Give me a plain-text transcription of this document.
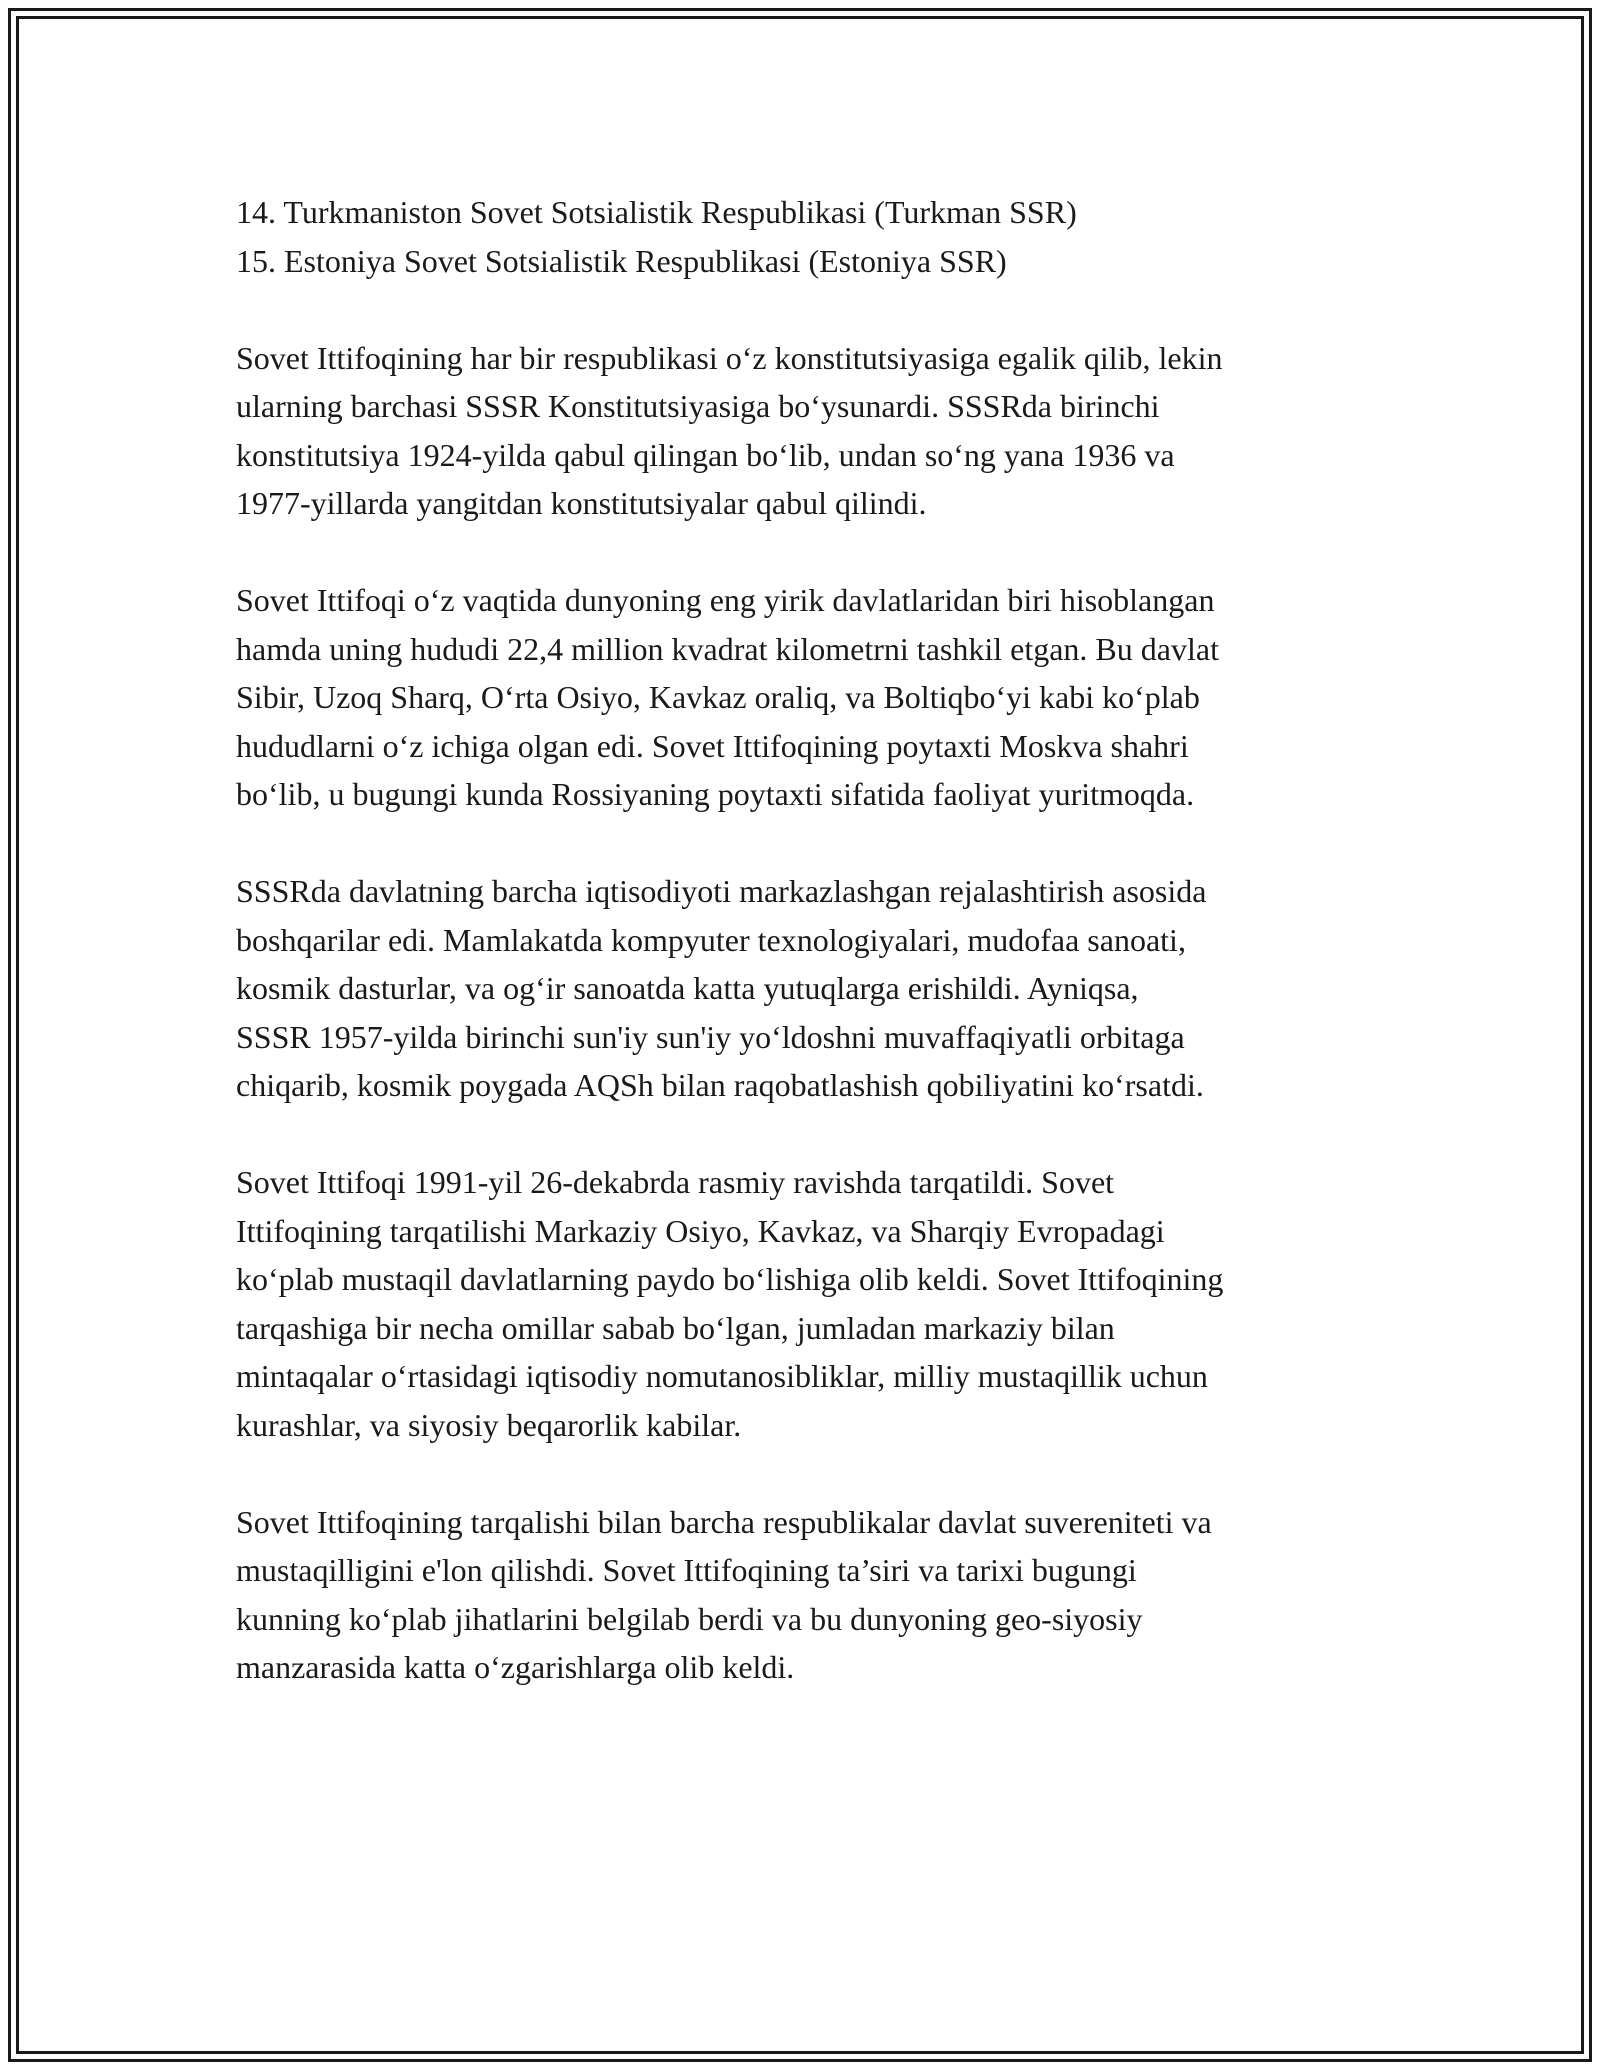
14. Turkmaniston Sovet Sotsialistik Respublikasi (Turkman SSR)

15. Estoniya Sovet Sotsialistik Respublikasi (Estoniya SSR)

Sovet Ittifoqining har bir respublikasi o‘z konstitutsiyasiga egalik qilib, lekin
ularning barchasi SSSR Konstitutsiyasiga bo‘ysunardi. SSSRda birinchi
konstitutsiya 1924-yilda qabul qilingan bo‘lib, undan so‘ng yana 1936 va
1977-yillarda yangitdan konstitutsiyalar qabul qilindi.

Sovet Ittifoqi o‘z vaqtida dunyoning eng yirik davlatlaridan biri hisoblangan
hamda uning hududi 22,4 million kvadrat kilometrni tashkil etgan. Bu davlat
Sibir, Uzoq Sharq, O‘rta Osiyo, Kavkaz oraliq, va Boltiqbo‘yi kabi ko‘plab
hududlarni o‘z ichiga olgan edi. Sovet Ittifoqining poytaxti Moskva shahri
bo‘lib, u bugungi kunda Rossiyaning poytaxti sifatida faoliyat yuritmoqda.

SSSRda davlatning barcha iqtisodiyoti markazlashgan rejalashtirish asosida
boshqarilar edi. Mamlakatda kompyuter texnologiyalari, mudofaa sanoati,
kosmik dasturlar, va og‘ir sanoatda katta yutuqlarga erishildi. Ayniqsa,
SSSR 1957-yilda birinchi sun'iy sun'iy yo‘ldoshni muvaffaqiyatli orbitaga
chiqarib, kosmik poygada AQSh bilan raqobatlashish qobiliyatini ko‘rsatdi.

Sovet Ittifoqi 1991-yil 26-dekabrda rasmiy ravishda tarqatildi. Sovet
Ittifoqining tarqatilishi Markaziy Osiyo, Kavkaz, va Sharqiy Evropadagi
ko‘plab mustaqil davlatlarning paydo bo‘lishiga olib keldi. Sovet Ittifoqining
tarqashiga bir necha omillar sabab bo‘lgan, jumladan markaziy bilan
mintaqalar o‘rtasidagi iqtisodiy nomutanosibliklar, milliy mustaqillik uchun
kurashlar, va siyosiy beqarorlik kabilar.

Sovet Ittifoqining tarqalishi bilan barcha respublikalar davlat suvereniteti va
mustaqilligini e'lon qilishdi. Sovet Ittifoqining ta’siri va tarixi bugungi
kunning ko‘plab jihatlarini belgilab berdi va bu dunyoning geo-siyosiy
manzarasida katta o‘zgarishlarga olib keldi.
